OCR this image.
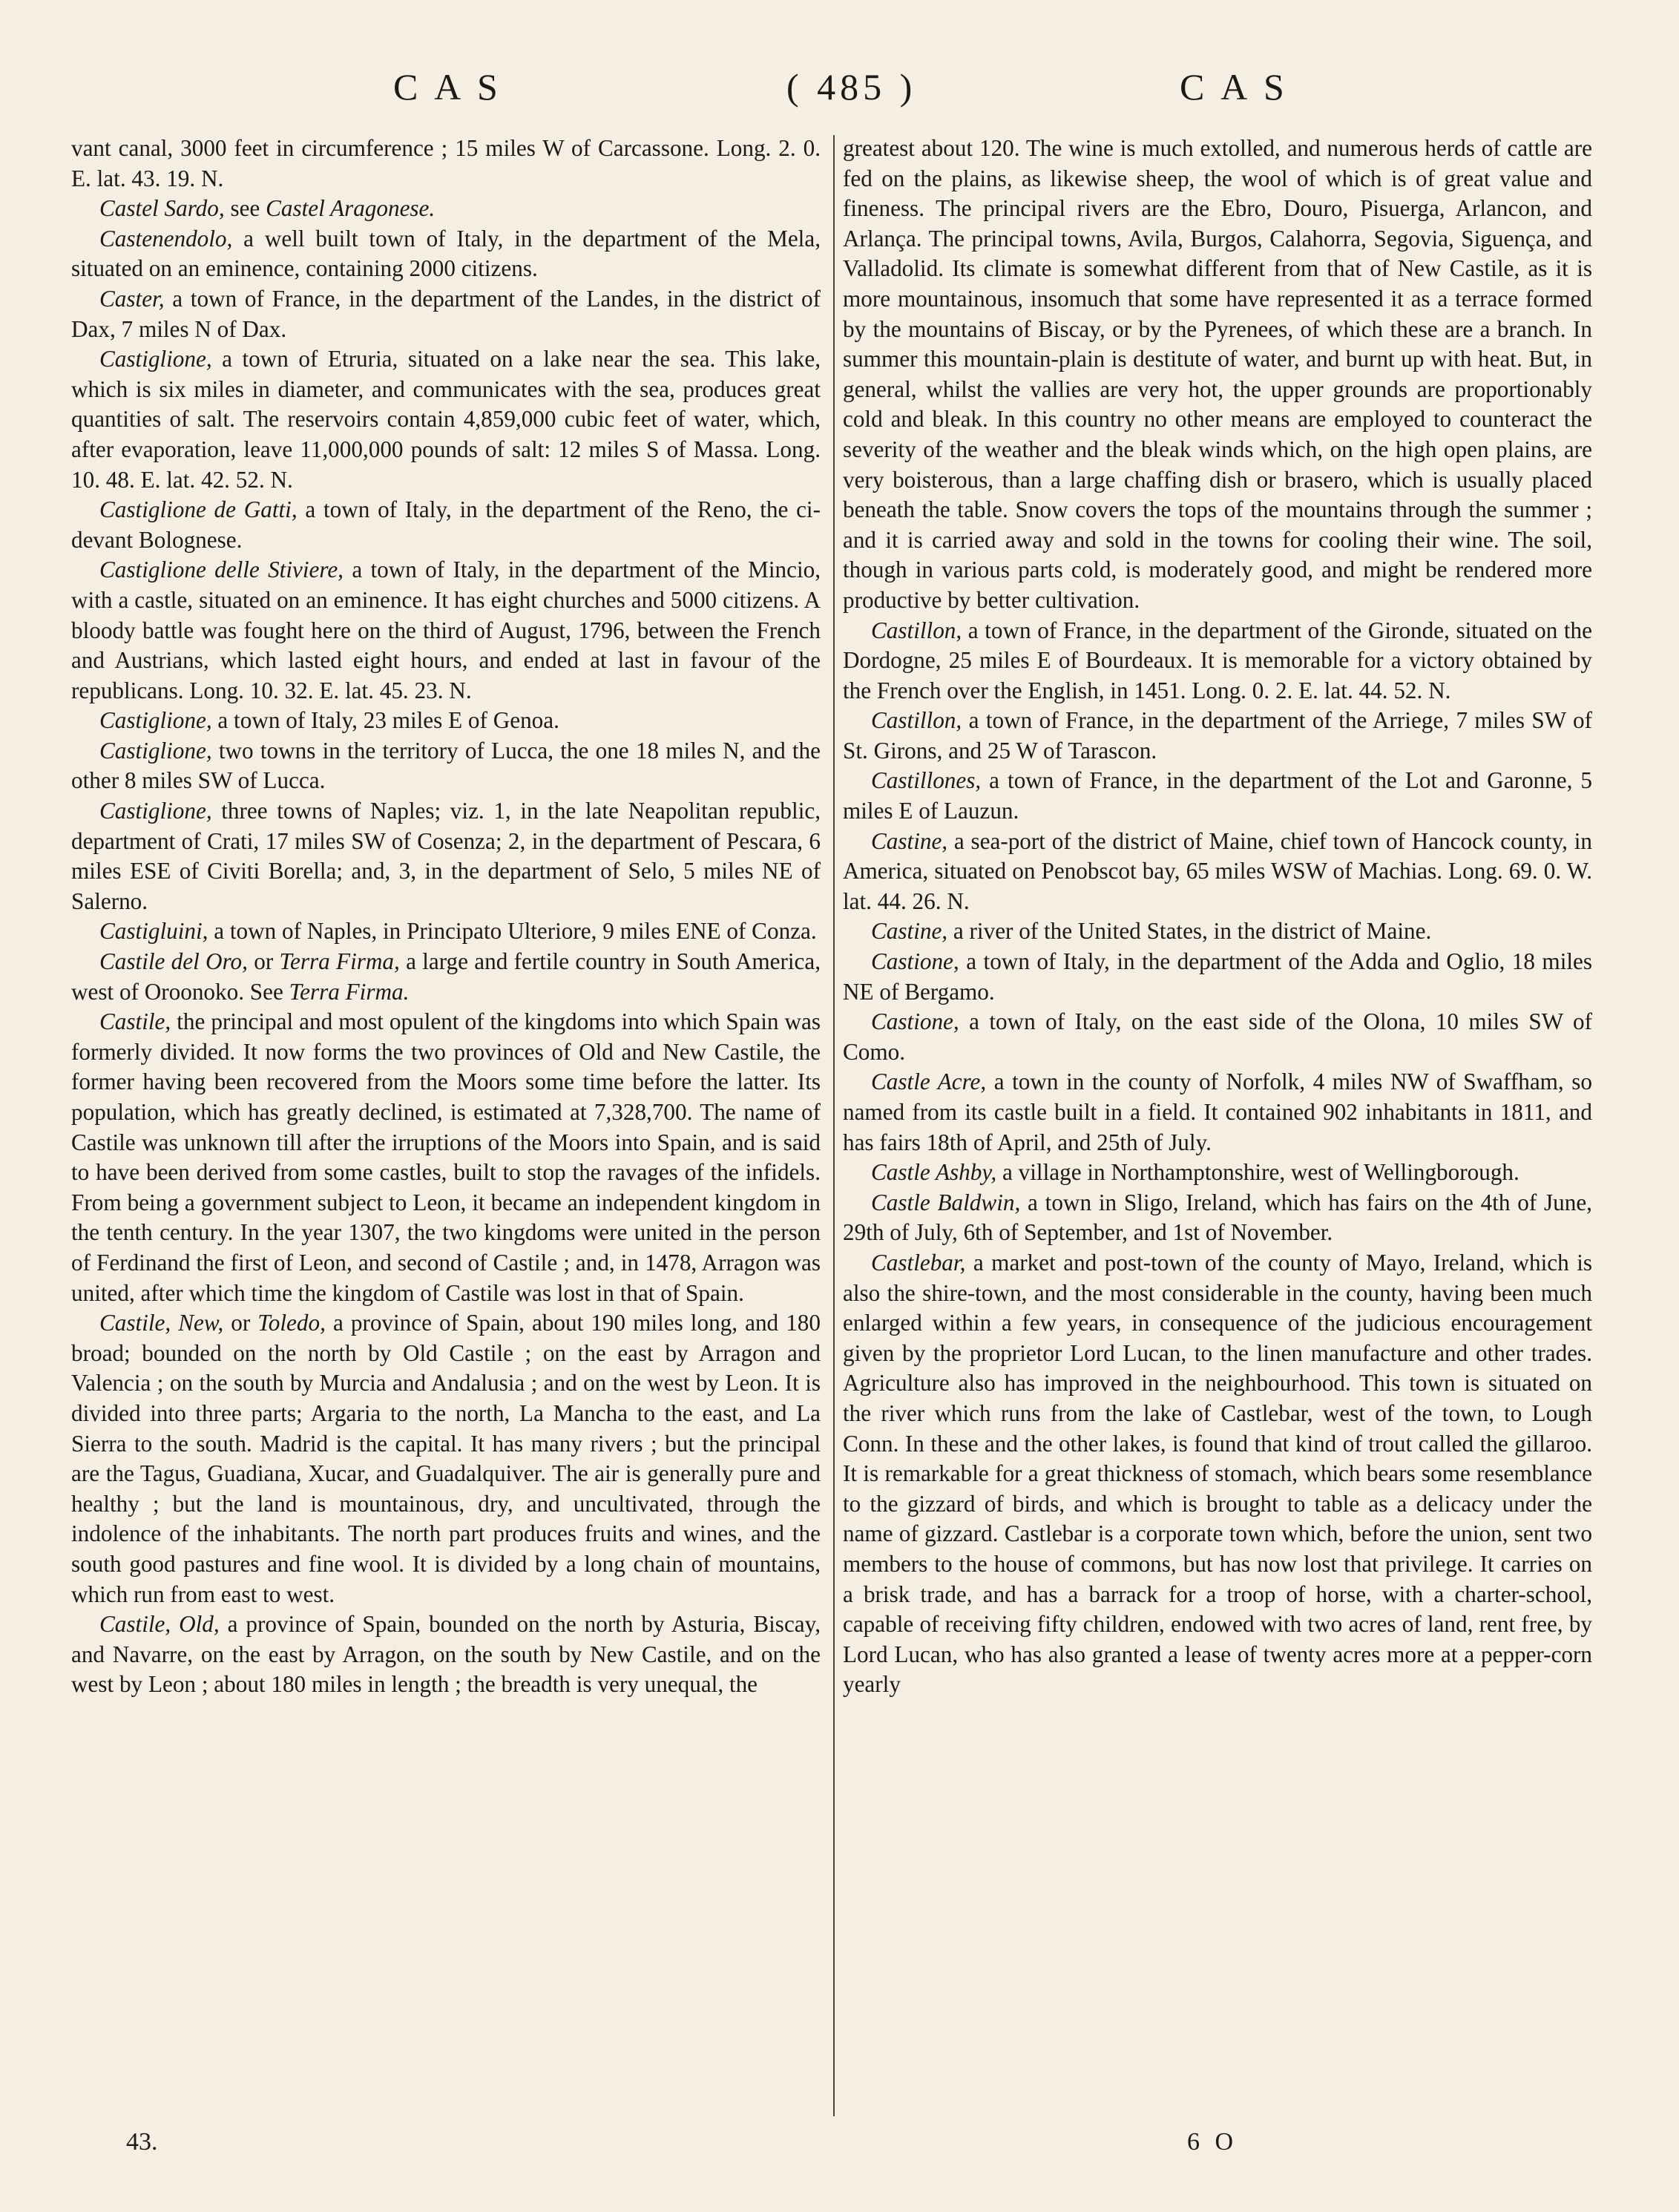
C A S	( 485 )	C A S

vant canal, 3000 feet in circumference ; 15 miles W of Carcassone. Long. 2. 0. E. lat. 43. 19. N.

Castel Sardo, see Castel Aragonese.

Castenendolo, a well built town of Italy, in the department of the Mela, situated on an eminence, containing 2000 citizens.

Caster, a town of France, in the department of the Landes, in the district of Dax, 7 miles N of Dax.

Castiglione, a town of Etruria, situated on a lake near the sea. This lake, which is six miles in diameter, and communicates with the sea, produces great quantities of salt. The reservoirs contain 4,859,000 cubic feet of water, which, after evaporation, leave 11,000,000 pounds of salt: 12 miles S of Massa. Long. 10. 48. E. lat. 42. 52. N.

Castiglione de Gatti, a town of Italy, in the department of the Reno, the ci-devant Bolognese.

Castiglione delle Stiviere, a town of Italy, in the department of the Mincio, with a castle, situated on an eminence. It has eight churches and 5000 citizens. A bloody battle was fought here on the third of August, 1796, between the French and Austrians, which lasted eight hours, and ended at last in favour of the republicans. Long. 10. 32. E. lat. 45. 23. N.

Castiglione, a town of Italy, 23 miles E of Genoa.

Castiglione, two towns in the territory of Lucca, the one 18 miles N, and the other 8 miles SW of Lucca.

Castiglione, three towns of Naples; viz. 1, in the late Neapolitan republic, department of Crati, 17 miles SW of Cosenza; 2, in the department of Pescara, 6 miles ESE of Civiti Borella; and, 3, in the department of Selo, 5 miles NE of Salerno.

Castigluini, a town of Naples, in Principato Ulteriore, 9 miles ENE of Conza.

Castile del Oro, or Terra Firma, a large and fertile country in South America, west of Oroonoko. See Terra Firma.

Castile, the principal and most opulent of the kingdoms into which Spain was formerly divided. It now forms the two provinces of Old and New Castile, the former having been recovered from the Moors some time before the latter. Its population, which has greatly declined, is estimated at 7,328,700. The name of Castile was unknown till after the irruptions of the Moors into Spain, and is said to have been derived from some castles, built to stop the ravages of the infidels. From being a government subject to Leon, it became an independent kingdom in the tenth century. In the year 1307, the two kingdoms were united in the person of Ferdinand the first of Leon, and second of Castile ; and, in 1478, Arragon was united, after which time the kingdom of Castile was lost in that of Spain.

Castile, New, or Toledo, a province of Spain, about 190 miles long, and 180 broad; bounded on the north by Old Castile ; on the east by Arragon and Valencia ; on the south by Murcia and Andalusia ; and on the west by Leon. It is divided into three parts; Argaria to the north, La Mancha to the east, and La Sierra to the south. Madrid is the capital. It has many rivers ; but the principal are the Tagus, Guadiana, Xucar, and Guadalquiver. The air is generally pure and healthy ; but the land is mountainous, dry, and uncultivated, through the indolence of the inhabitants. The north part produces fruits and wines, and the south good pastures and fine wool. It is divided by a long chain of mountains, which run from east to west.

Castile, Old, a province of Spain, bounded on the north by Asturia, Biscay, and Navarre, on the east by Arragon, on the south by New Castile, and on the west by Leon ; about 180 miles in length ; the breadth is very unequal, the

greatest about 120. The wine is much extolled, and numerous herds of cattle are fed on the plains, as likewise sheep, the wool of which is of great value and fineness. The principal rivers are the Ebro, Douro, Pisuerga, Arlancon, and Arlança. The principal towns, Avila, Burgos, Calahorra, Segovia, Siguença, and Valladolid. Its climate is somewhat different from that of New Castile, as it is more mountainous, insomuch that some have represented it as a terrace formed by the mountains of Biscay, or by the Pyrenees, of which these are a branch. In summer this mountain-plain is destitute of water, and burnt up with heat. But, in general, whilst the vallies are very hot, the upper grounds are proportionably cold and bleak. In this country no other means are employed to counteract the severity of the weather and the bleak winds which, on the high open plains, are very boisterous, than a large chaffing dish or brasero, which is usually placed beneath the table. Snow covers the tops of the mountains through the summer ; and it is carried away and sold in the towns for cooling their wine. The soil, though in various parts cold, is moderately good, and might be rendered more productive by better cultivation.

Castillon, a town of France, in the department of the Gironde, situated on the Dordogne, 25 miles E of Bourdeaux. It is memorable for a victory obtained by the French over the English, in 1451. Long. 0. 2. E. lat. 44. 52. N.

Castillon, a town of France, in the department of the Arriege, 7 miles SW of St. Girons, and 25 W of Tarascon.

Castillones, a town of France, in the department of the Lot and Garonne, 5 miles E of Lauzun.

Castine, a sea-port of the district of Maine, chief town of Hancock county, in America, situated on Penobscot bay, 65 miles WSW of Machias. Long. 69. 0. W. lat. 44. 26. N.

Castine, a river of the United States, in the district of Maine.

Castione, a town of Italy, in the department of the Adda and Oglio, 18 miles NE of Bergamo.

Castione, a town of Italy, on the east side of the Olona, 10 miles SW of Como.

Castle Acre, a town in the county of Norfolk, 4 miles NW of Swaffham, so named from its castle built in a field. It contained 902 inhabitants in 1811, and has fairs 18th of April, and 25th of July.

Castle Ashby, a village in Northamptonshire, west of Wellingborough.

Castle Baldwin, a town in Sligo, Ireland, which has fairs on the 4th of June, 29th of July, 6th of September, and 1st of November.

Castlebar, a market and post-town of the county of Mayo, Ireland, which is also the shire-town, and the most considerable in the county, having been much enlarged within a few years, in consequence of the judicious encouragement given by the proprietor Lord Lucan, to the linen manufacture and other trades. Agriculture also has improved in the neighbourhood. This town is situated on the river which runs from the lake of Castlebar, west of the town, to Lough Conn. In these and the other lakes, is found that kind of trout called the gillaroo. It is remarkable for a great thickness of stomach, which bears some resemblance to the gizzard of birds, and which is brought to table as a delicacy under the name of gizzard. Castlebar is a corporate town which, before the union, sent two members to the house of commons, but has now lost that privilege. It carries on a brisk trade, and has a barrack for a troop of horse, with a charter-school, capable of receiving fifty children, endowed with two acres of land, rent free, by Lord Lucan, who has also granted a lease of twenty acres more at a pepper-corn yearly

43.	6 O
